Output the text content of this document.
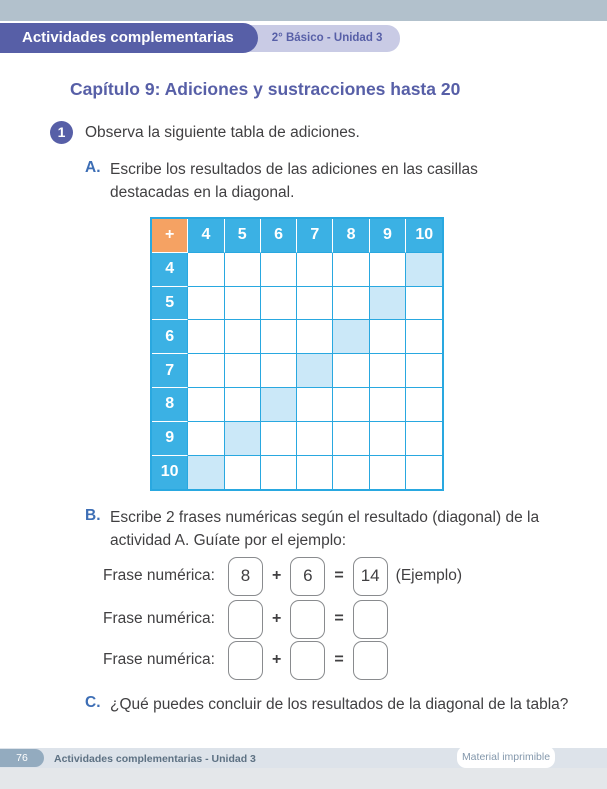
Actividades complementarias	2° Básico - Unidad 3
Capítulo 9: Adiciones y sustracciones hasta 20
1	Observa la siguiente tabla de adiciones.
A. Escribe los resultados de las adiciones en las casillas destacadas en la diagonal.
+	4	5	6	7	8	9	10
4
5
6
7
8
9
10
B. Escribe 2 frases numéricas según el resultado (diagonal) de la actividad A. Guíate por el ejemplo:
Frase numérica:	8	+	6	=	14	(Ejemplo)
Frase numérica:	+	=
Frase numérica:	+	=
C. ¿Qué puedes concluir de los resultados de la diagonal de la tabla?
76	Actividades complementarias - Unidad 3	Material imprimible
